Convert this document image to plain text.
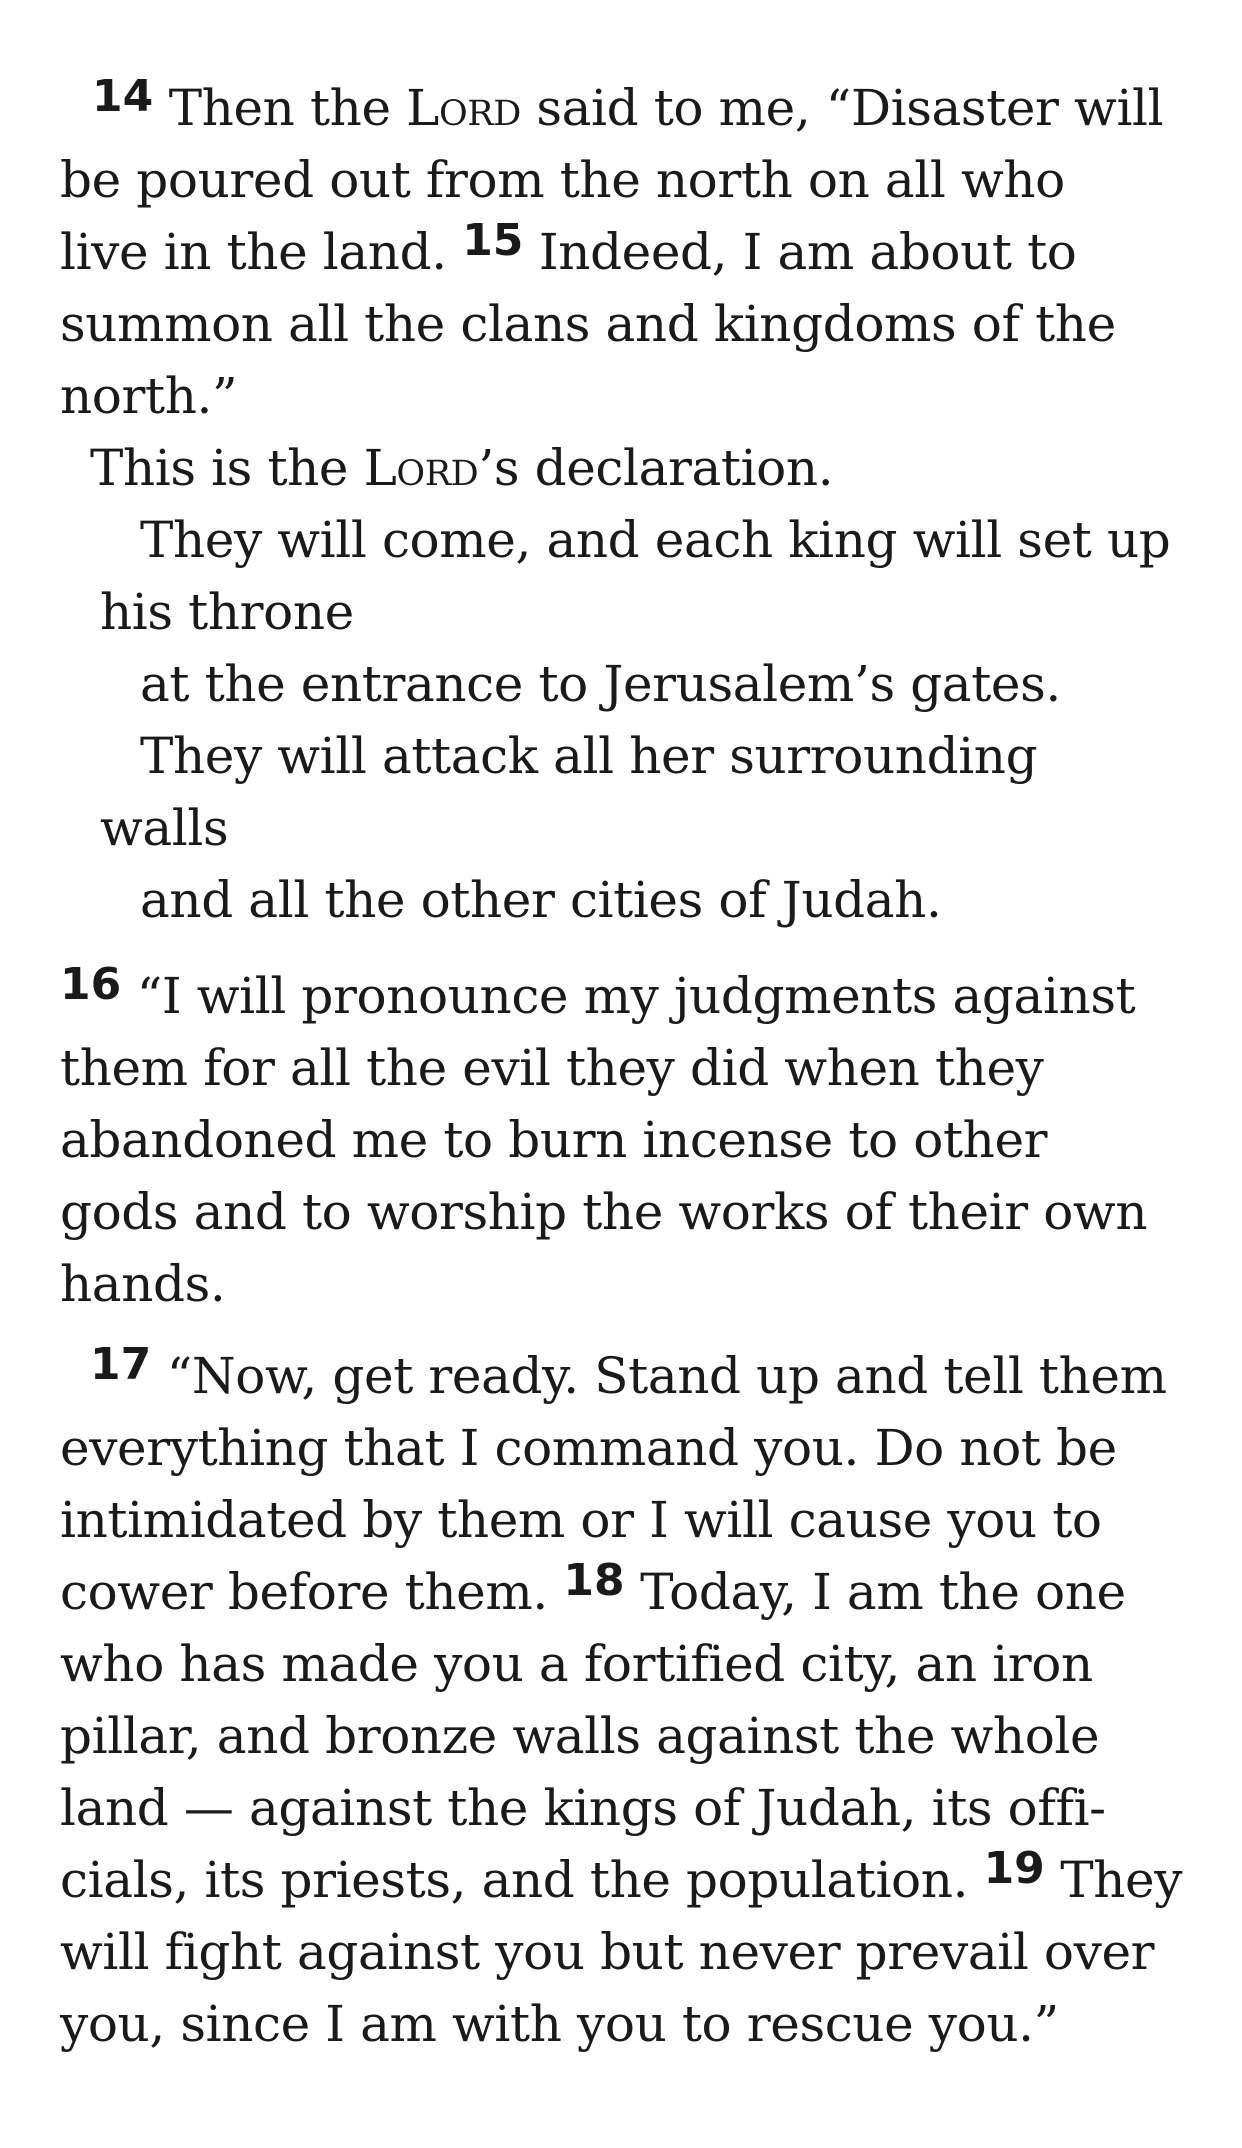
14 Then the Lord said to me, “Disaster will
be poured out from the north on all who
live in the land. 15 Indeed, I am about to
summon all the clans and kingdoms of the
north.”
This is the Lord’s declaration.
They will come, and each king will set up
his throne
at the entrance to Jerusalem’s gates.
They will attack all her surrounding
walls
and all the other cities of Judah.
16 “I will pronounce my judgments against
them for all the evil they did when they
abandoned me to burn incense to other
gods and to worship the works of their own
hands.
17 “Now, get ready. Stand up and tell them
everything that I command you. Do not be
intimidated by them or I will cause you to
cower before them. 18 Today, I am the one
who has made you a fortified city, an iron
pillar, and bronze walls against the whole
land — against the kings of Judah, its offi-
cials, its priests, and the population. 19 They
will fight against you but never prevail over
you, since I am with you to rescue you.”
